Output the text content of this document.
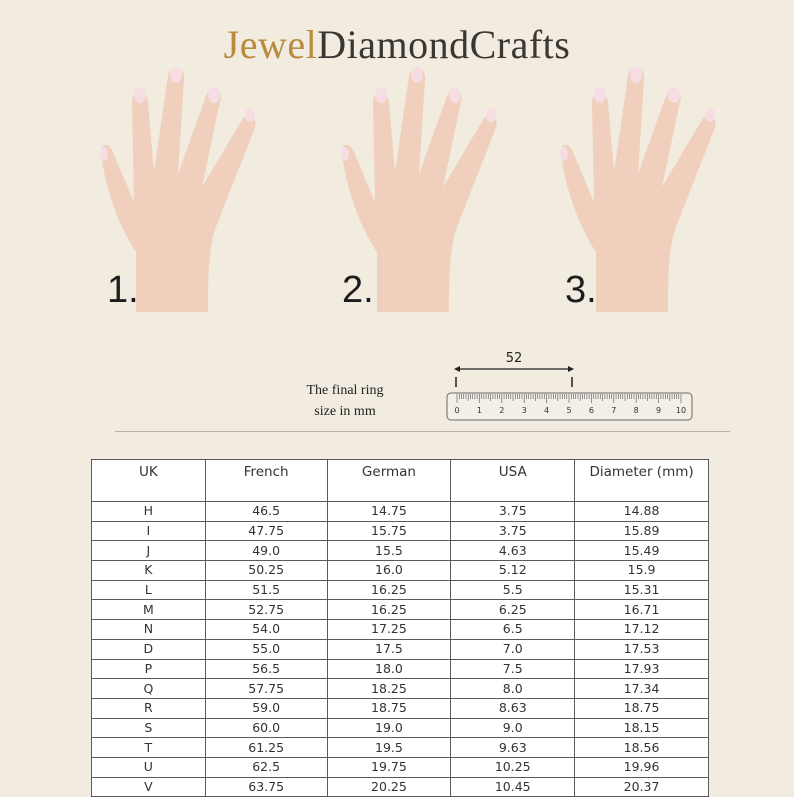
JewelDiamondCrafts
1.	2.	3.
The final ring
size in mm
52
0 1 2 3 4 5 6 7 8 9 10
UK	French	German	USA	Diameter (mm)
H	46.5	14.75	3.75	14.88
I	47.75	15.75	3.75	15.89
J	49.0	15.5	4.63	15.49
K	50.25	16.0	5.12	15.9
L	51.5	16.25	5.5	15.31
M	52.75	16.25	6.25	16.71
N	54.0	17.25	6.5	17.12
D	55.0	17.5	7.0	17.53
P	56.5	18.0	7.5	17.93
Q	57.75	18.25	8.0	17.34
R	59.0	18.75	8.63	18.75
S	60.0	19.0	9.0	18.15
T	61.25	19.5	9.63	18.56
U	62.5	19.75	10.25	19.96
V	63.75	20.25	10.45	20.37
